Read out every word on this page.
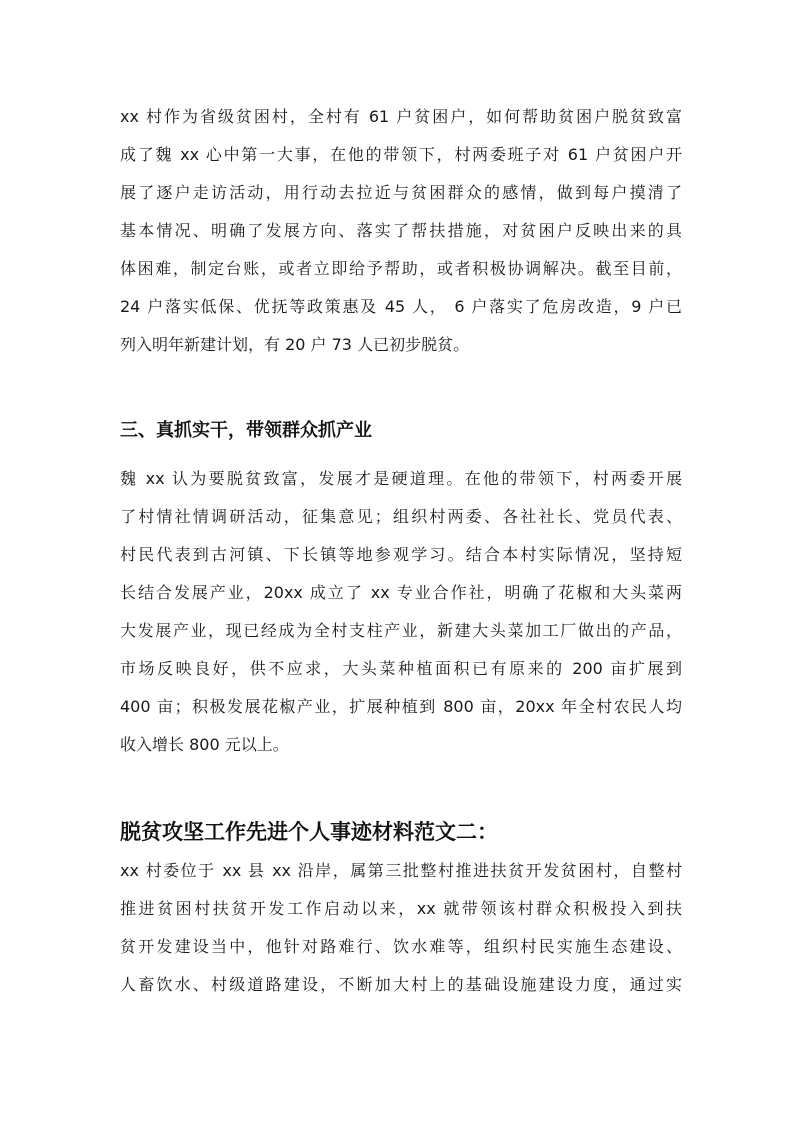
xx 村作为省级贫困村，全村有 61 户贫困户，如何帮助贫困户脱贫致富
成了魏 xx 心中第一大事，在他的带领下，村两委班子对 61 户贫困户开
展了逐户走访活动，用行动去拉近与贫困群众的感情，做到每户摸清了
基本情况、明确了发展方向、落实了帮扶措施，对贫困户反映出来的具
体困难，制定台账，或者立即给予帮助，或者积极协调解决。截至目前，
24 户落实低保、优抚等政策惠及 45 人， 6 户落实了危房改造，9 户已
列入明年新建计划，有 20 户 73 人已初步脱贫。
三、真抓实干，带领群众抓产业
魏 xx 认为要脱贫致富，发展才是硬道理。在他的带领下，村两委开展
了村情社情调研活动，征集意见；组织村两委、各社社长、党员代表、
村民代表到古河镇、下长镇等地参观学习。结合本村实际情况，坚持短
长结合发展产业，20xx 成立了 xx 专业合作社，明确了花椒和大头菜两
大发展产业，现已经成为全村支柱产业，新建大头菜加工厂做出的产品，
市场反映良好，供不应求，大头菜种植面积已有原来的 200 亩扩展到
400 亩；积极发展花椒产业，扩展种植到 800 亩，20xx 年全村农民人均
收入增长 800 元以上。
脱贫攻坚工作先进个人事迹材料范文二：
xx 村委位于 xx 县 xx 沿岸，属第三批整村推进扶贫开发贫困村，自整村
推进贫困村扶贫开发工作启动以来，xx 就带领该村群众积极投入到扶
贫开发建设当中，他针对路难行、饮水难等，组织村民实施生态建设、
人畜饮水、村级道路建设，不断加大村上的基础设施建设力度，通过实
